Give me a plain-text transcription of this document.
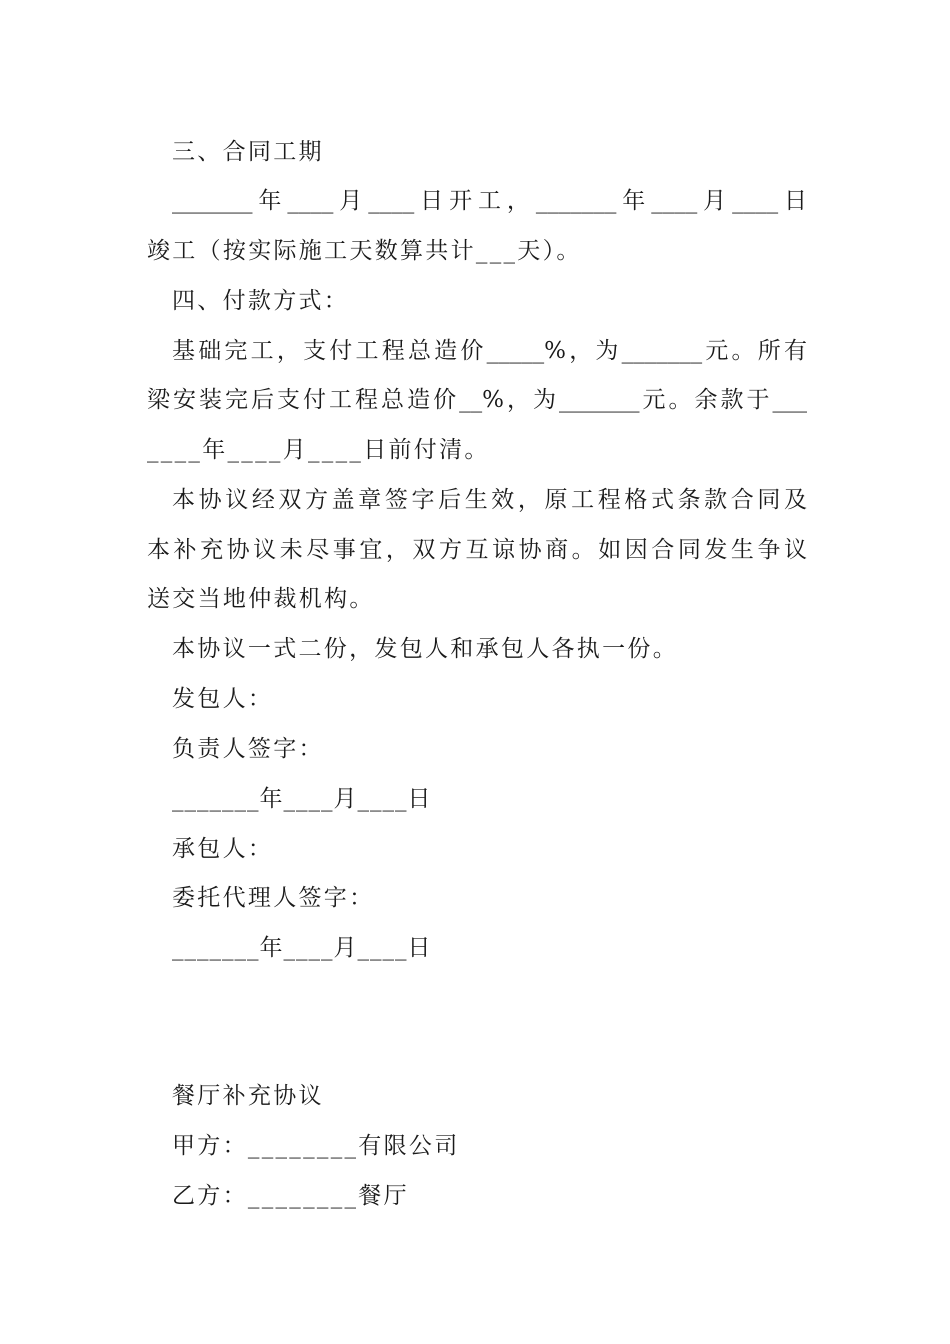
三、合同工期
_______年____月____日开工，_______年____月____日
竣工（按实际施工天数算共计___天）。
四、付款方式：
基础完工，支付工程总造价_____%，为_______元。所有
梁安装完后支付工程总造价__%，为_______元。余款于___
____年____月____日前付清。
本协议经双方盖章签字后生效，原工程格式条款合同及
本补充协议未尽事宜，双方互谅协商。如因合同发生争议
送交当地仲裁机构。
本协议一式二份，发包人和承包人各执一份。
发包人：
负责人签字：
_______年____月____日
承包人：
委托代理人签字：
_______年____月____日
餐厅补充协议
甲方：________有限公司
乙方：________餐厅
